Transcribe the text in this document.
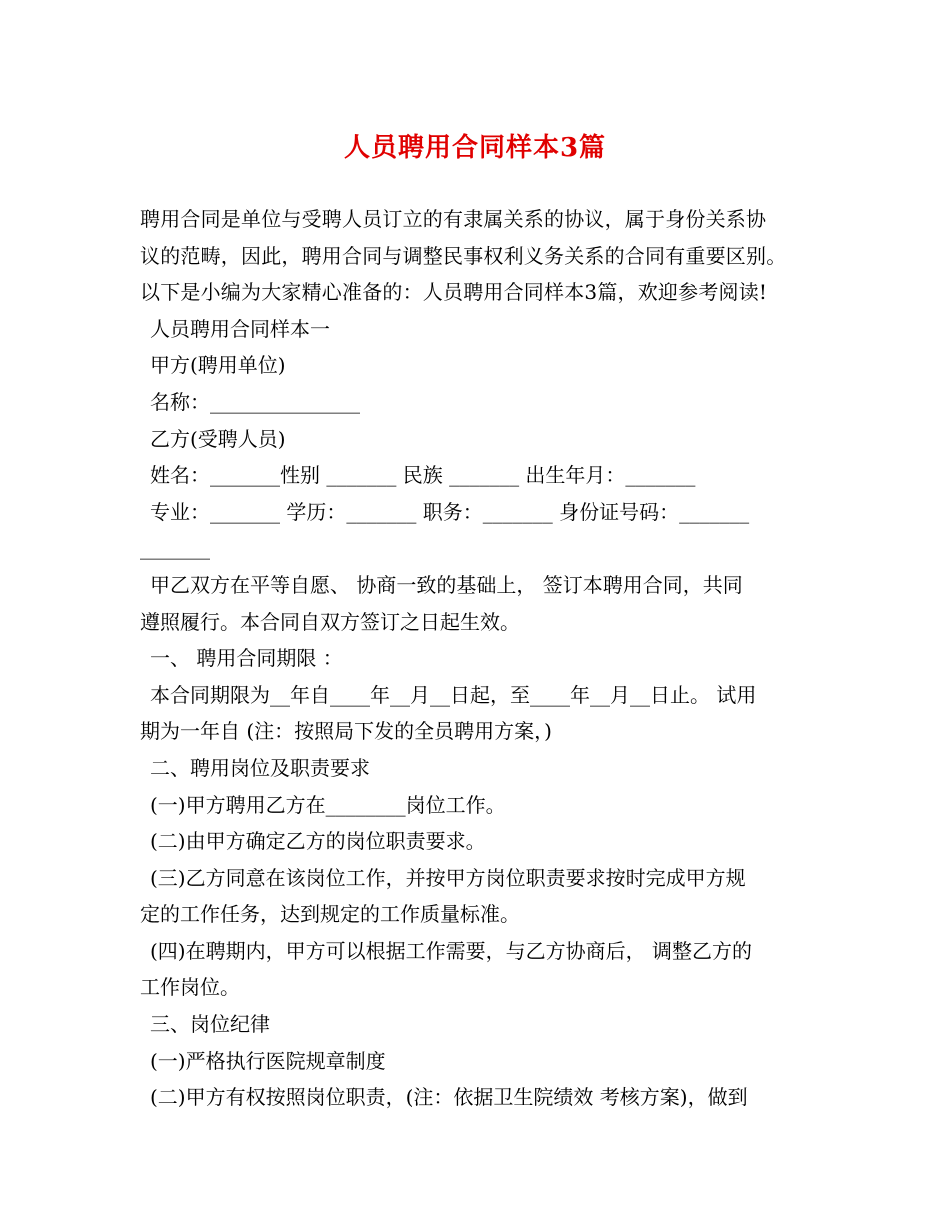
人员聘用合同样本3篇
聘用合同是单位与受聘人员订立的有隶属关系的协议，属于身份关系协
议的范畴，因此，聘用合同与调整民事权利义务关系的合同有重要区别。
以下是小编为大家精心准备的：人员聘用合同样本3篇，欢迎参考阅读!
人员聘用合同样本一
甲方(聘用单位)
名称：_______________
乙方(受聘人员)
姓名：_______性别 _______ 民族 _______ 出生年月：_______
专业：_______ 学历：_______ 职务：_______ 身份证号码：_______
_______
甲乙双方在平等自愿、 协商一致的基础上， 签订本聘用合同，共同
遵照履行。本合同自双方签订之日起生效。
一、 聘用合同期限 ：
本合同期限为__年自____年__月__日起，至____年__月__日止。 试用
期为一年自 (注：按照局下发的全员聘用方案，)
二、聘用岗位及职责要求
(一)甲方聘用乙方在________岗位工作。
(二)由甲方确定乙方的岗位职责要求。
(三)乙方同意在该岗位工作，并按甲方岗位职责要求按时完成甲方规
定的工作任务，达到规定的工作质量标准。
(四)在聘期内，甲方可以根据工作需要，与乙方协商后， 调整乙方的
工作岗位。
三、岗位纪律
(一)严格执行医院规章制度
(二)甲方有权按照岗位职责，(注：依据卫生院绩效 考核方案)，做到
